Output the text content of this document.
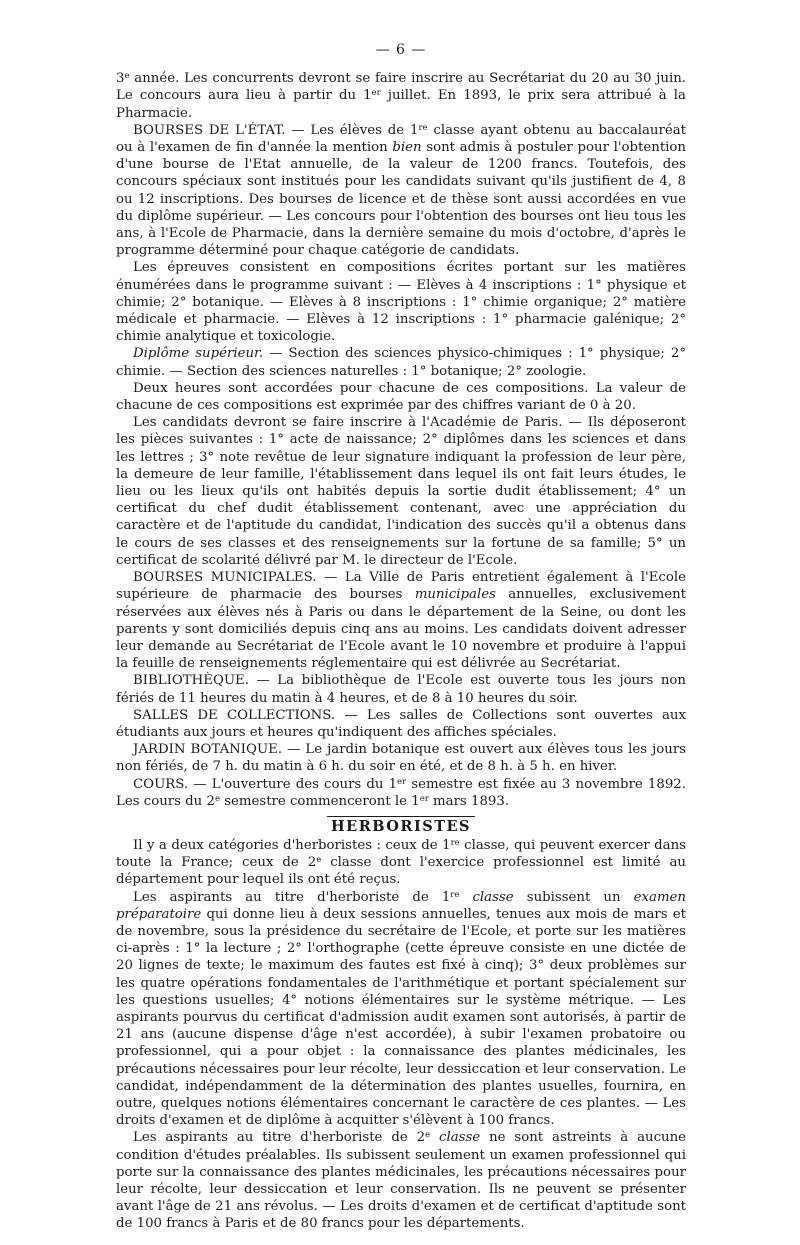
— 6 —

3e année. Les concurrents devront se faire inscrire au Secrétariat du 20 au 30 juin. Le concours aura lieu à partir du 1er juillet. En 1893, le prix sera attribué à la Pharmacie.

BOURSES DE L'ÉTAT. — Les élèves de 1re classe ayant obtenu au baccalauréat ou à l'examen de fin d'année la mention bien sont admis à postuler pour l'obtention d'une bourse de l'Etat annuelle, de la valeur de 1200 francs. Toutefois, des concours spéciaux sont institués pour les candidats suivant qu'ils justifient de 4, 8 ou 12 inscriptions. Des bourses de licence et de thèse sont aussi accordées en vue du diplôme supérieur. — Les concours pour l'obtention des bourses ont lieu tous les ans, à l'Ecole de Pharmacie, dans la dernière semaine du mois d'octobre, d'après le programme déterminé pour chaque catégorie de candidats.

Les épreuves consistent en compositions écrites portant sur les matières énumérées dans le programme suivant : — Elèves à 4 inscriptions : 1° physique et chimie; 2° botanique. — Elèves à 8 inscriptions : 1° chimie organique; 2° matière médicale et pharmacie. — Elèves à 12 inscriptions : 1° pharmacie galénique; 2° chimie analytique et toxicologie.

Diplôme supérieur. — Section des sciences physico-chimiques : 1° physique; 2° chimie. — Section des sciences naturelles : 1° botanique; 2° zoologie.

Deux heures sont accordées pour chacune de ces compositions. La valeur de chacune de ces compositions est exprimée par des chiffres variant de 0 à 20.

Les candidats devront se faire inscrire à l'Académie de Paris. — Ils déposeront les pièces suivantes : 1° acte de naissance; 2° diplômes dans les sciences et dans les lettres ; 3° note revêtue de leur signature indiquant la profession de leur père, la demeure de leur famille, l'établissement dans lequel ils ont fait leurs études, le lieu ou les lieux qu'ils ont habités depuis la sortie dudit établissement; 4° un certificat du chef dudit établissement contenant, avec une appréciation du caractère et de l'aptitude du candidat, l'indication des succès qu'il a obtenus dans le cours de ses classes et des renseignements sur la fortune de sa famille; 5° un certificat de scolarité délivré par M. le directeur de l'Ecole.

BOURSES MUNICIPALES. — La Ville de Paris entretient également à l'Ecole supérieure de pharmacie des bourses municipales annuelles, exclusivement réservées aux élèves nés à Paris ou dans le département de la Seine, ou dont les parents y sont domiciliés depuis cinq ans au moins. Les candidats doivent adresser leur demande au Secrétariat de l'Ecole avant le 10 novembre et produire à l'appui la feuille de renseignements réglementaire qui est délivrée au Secrétariat.

BIBLIOTHÈQUE. — La bibliothèque de l'Ecole est ouverte tous les jours non fériés de 11 heures du matin à 4 heures, et de 8 à 10 heures du soir.

SALLES DE COLLECTIONS. — Les salles de Collections sont ouvertes aux étudiants aux jours et heures qu'indiquent des affiches spéciales.

JARDIN BOTANIQUE. — Le jardin botanique est ouvert aux élèves tous les jours non fériés, de 7 h. du matin à 6 h. du soir en été, et de 8 h. à 5 h. en hiver.

COURS. — L'ouverture des cours du 1er semestre est fixée au 3 novembre 1892. Les cours du 2e semestre commenceront le 1er mars 1893.

HERBORISTES

Il y a deux catégories d'herboristes : ceux de 1re classe, qui peuvent exercer dans toute la France; ceux de 2e classe dont l'exercice professionnel est limité au département pour lequel ils ont été reçus.

Les aspirants au titre d'herboriste de 1re classe subissent un examen préparatoire qui donne lieu à deux sessions annuelles, tenues aux mois de mars et de novembre, sous la présidence du secrétaire de l'Ecole, et porte sur les matières ci-après : 1° la lecture ; 2° l'orthographe (cette épreuve consiste en une dictée de 20 lignes de texte; le maximum des fautes est fixé à cinq); 3° deux problèmes sur les quatre opérations fondamentales de l'arithmétique et portant spécialement sur les questions usuelles; 4° notions élémentaires sur le système métrique. — Les aspirants pourvus du certificat d'admission audit examen sont autorisés, à partir de 21 ans (aucune dispense d'âge n'est accordée), à subir l'examen probatoire ou professionnel, qui a pour objet : la connaissance des plantes médicinales, les précautions nécessaires pour leur récolte, leur dessiccation et leur conservation. Le candidat, indépendamment de la détermination des plantes usuelles, fournira, en outre, quelques notions élémentaires concernant le caractère de ces plantes. — Les droits d'examen et de diplôme à acquitter s'élèvent à 100 francs.

Les aspirants au titre d'herboriste de 2e classe ne sont astreints à aucune condition d'études préalables. Ils subissent seulement un examen professionnel qui porte sur la connaissance des plantes médicinales, les précautions nécessaires pour leur récolte, leur dessiccation et leur conservation. Ils ne peuvent se présenter avant l'âge de 21 ans révolus. — Les droits d'examen et de certificat d'aptitude sont de 100 francs à Paris et de 80 francs pour les départements.
